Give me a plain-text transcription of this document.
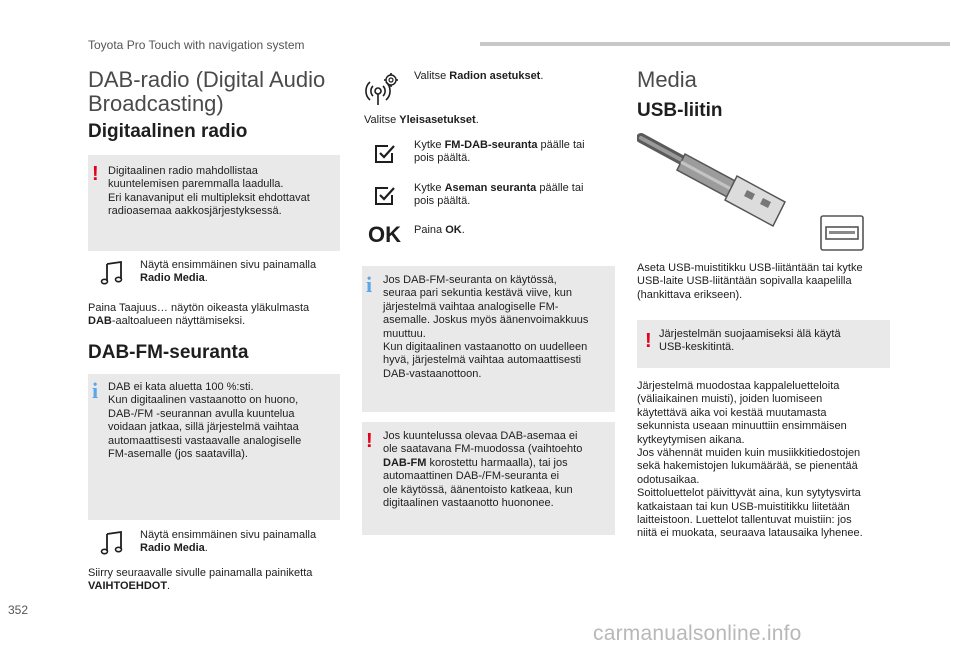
Toyota Pro Touch with navigation system
DAB-radio (Digital Audio
Broadcasting)
Digitaalinen radio
! Digitaalinen radio mahdollistaa
kuuntelemisen paremmalla laadulla.
Eri kanavaniput eli multipleksit ehdottavat
radioasemaa aakkosjärjestyksessä.
Näytä ensimmäinen sivu painamalla
Radio Media.
Paina Taajuus… näytön oikeasta yläkulmasta
DAB-aaltoalueen näyttämiseksi.
DAB-FM-seuranta
i DAB ei kata aluetta 100 %:sti.
Kun digitaalinen vastaanotto on huono,
DAB-/FM -seurannan avulla kuuntelua
voidaan jatkaa, sillä järjestelmä vaihtaa
automaattisesti vastaavalle analogiselle
FM-asemalle (jos saatavilla).
Näytä ensimmäinen sivu painamalla
Radio Media.
Siirry seuraavalle sivulle painamalla painiketta
VAIHTOEHDOT.
Valitse Radion asetukset.
Valitse Yleisasetukset.
Kytke FM-DAB-seuranta päälle tai
pois päältä.
Kytke Aseman seuranta päälle tai
pois päältä.
OK Paina OK.
i Jos DAB-FM-seuranta on käytössä,
seuraa pari sekuntia kestävä viive, kun
järjestelmä vaihtaa analogiselle FM-
asemalle. Joskus myös äänenvoimakkuus
muuttuu.
Kun digitaalinen vastaanotto on uudelleen
hyvä, järjestelmä vaihtaa automaattisesti
DAB-vastaanottoon.
! Jos kuuntelussa olevaa DAB-asemaa ei
ole saatavana FM-muodossa (vaihtoehto
DAB-FM korostettu harmaalla), tai jos
automaattinen DAB-/FM-seuranta ei
ole käytössä, äänentoisto katkeaa, kun
digitaalinen vastaanotto huononee.
Media
USB-liitin
Aseta USB-muistitikku USB-liitäntään tai kytke
USB-laite USB-liitäntään sopivalla kaapelilla
(hankittava erikseen).
! Järjestelmän suojaamiseksi älä käytä
USB-keskitintä.
Järjestelmä muodostaa kappaleluetteloita
(väliaikainen muisti), joiden luomiseen
käytettävä aika voi kestää muutamasta
sekunnista useaan minuuttiin ensimmäisen
kytkeytymisen aikana.
Jos vähennät muiden kuin musiikkitiedostojen
sekä hakemistojen lukumäärää, se pienentää
odotusaikaa.
Soittoluettelot päivittyvät aina, kun sytytysvirta
katkaistaan tai kun USB-muistitikku liitetään
laitteistoon. Luettelot tallentuvat muistiin: jos
niitä ei muokata, seuraava latausaika lyhenee.
352
carmanualsonline.info
